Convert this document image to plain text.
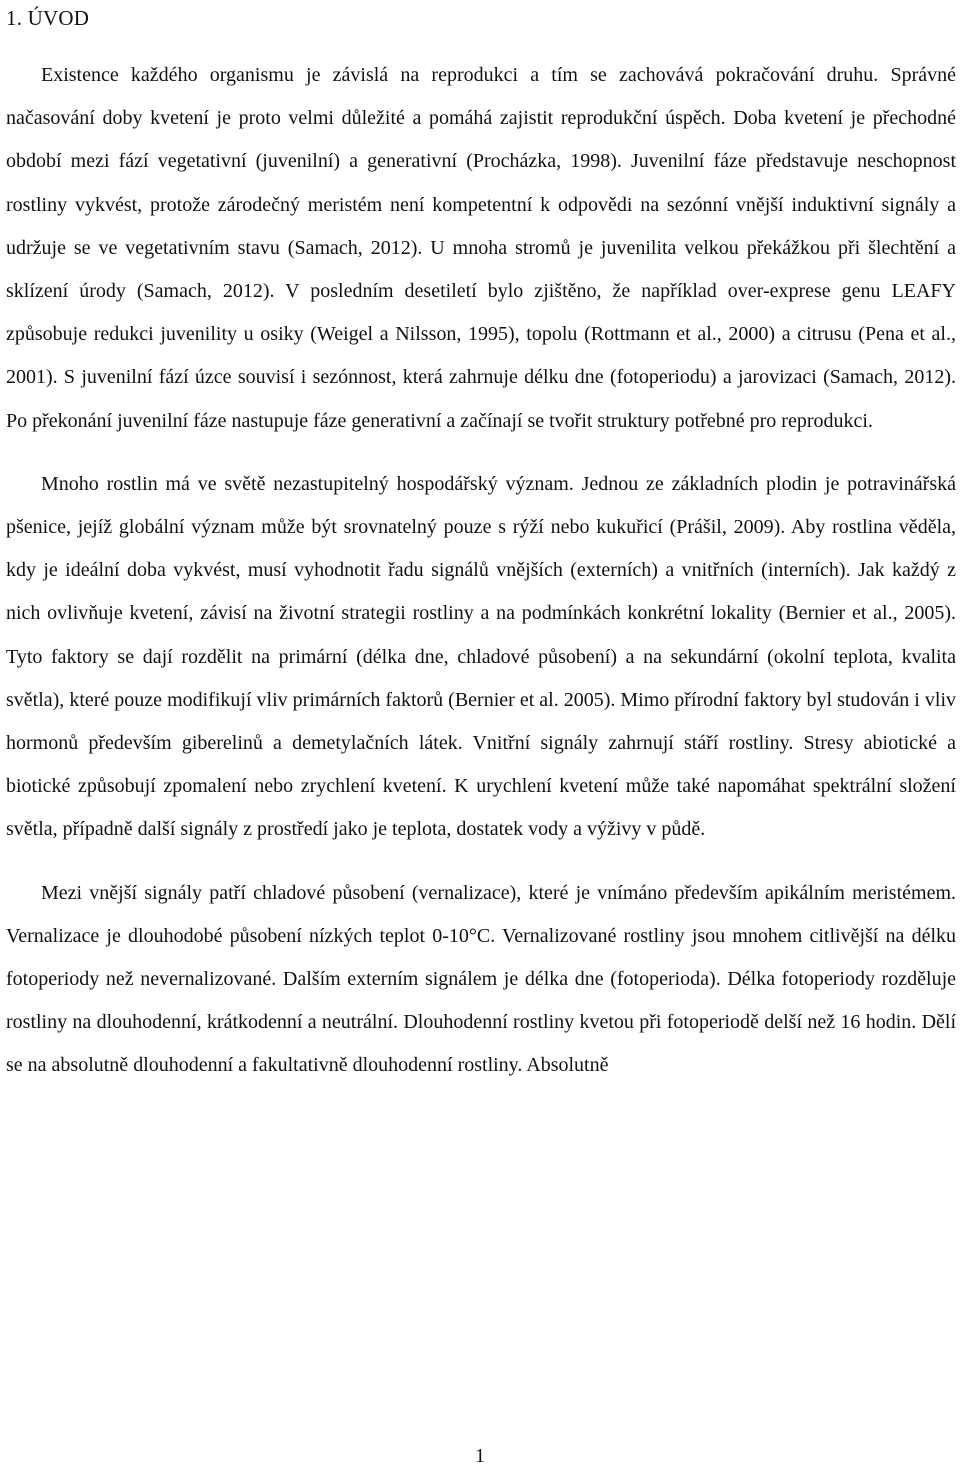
1. ÚVOD

Existence každého organismu je závislá na reprodukci a tím se zachovává pokračování druhu. Správné načasování doby kvetení je proto velmi důležité a pomáhá zajistit reprodukční úspěch. Doba kvetení je přechodné období mezi fází vegetativní (juvenilní) a generativní (Procházka, 1998). Juvenilní fáze představuje neschopnost rostliny vykvést, protože zárodečný meristém není kompetentní k odpovědi na sezónní vnější induktivní signály a udržuje se ve vegetativním stavu (Samach, 2012). U mnoha stromů je juvenilita velkou překážkou při šlechtění a sklízení úrody (Samach, 2012). V posledním desetiletí bylo zjištěno, že například over-exprese genu LEAFY způsobuje redukci juvenility u osiky (Weigel a Nilsson, 1995), topolu (Rottmann et al., 2000) a citrusu (Pena et al., 2001). S juvenilní fází úzce souvisí i sezónnost, která zahrnuje délku dne (fotoperiodu) a jarovizaci (Samach, 2012). Po překonání juvenilní fáze nastupuje fáze generativní a začínají se tvořit struktury potřebné pro reprodukci.

Mnoho rostlin má ve světě nezastupitelný hospodářský význam. Jednou ze základních plodin je potravinářská pšenice, jejíž globální význam může být srovnatelný pouze s rýží nebo kukuřicí (Prášil, 2009). Aby rostlina věděla, kdy je ideální doba vykvést, musí vyhodnotit řadu signálů vnějších (externích) a vnitřních (interních). Jak každý z nich ovlivňuje kvetení, závisí na životní strategii rostliny a na podmínkách konkrétní lokality (Bernier et al., 2005). Tyto faktory se dají rozdělit na primární (délka dne, chladové působení) a na sekundární (okolní teplota, kvalita světla), které pouze modifikují vliv primárních faktorů (Bernier et al. 2005). Mimo přírodní faktory byl studován i vliv hormonů především giberelinů a demetylačních látek. Vnitřní signály zahrnují stáří rostliny. Stresy abiotické a biotické způsobují zpomalení nebo zrychlení kvetení. K urychlení kvetení může také napomáhat spektrální složení světla, případně další signály z prostředí jako je teplota, dostatek vody a výživy v půdě.

Mezi vnější signály patří chladové působení (vernalizace), které je vnímáno především apikálním meristémem. Vernalizace je dlouhodobé působení nízkých teplot 0-10°C. Vernalizované rostliny jsou mnohem citlivější na délku fotoperiody než nevernalizované. Dalším externím signálem je délka dne (fotoperioda). Délka fotoperiody rozděluje rostliny na dlouhodenní, krátkodenní a neutrální. Dlouhodenní rostliny kvetou při fotoperiodě delší než 16 hodin. Dělí se na absolutně dlouhodenní a fakultativně dlouhodenní rostliny. Absolutně

1
